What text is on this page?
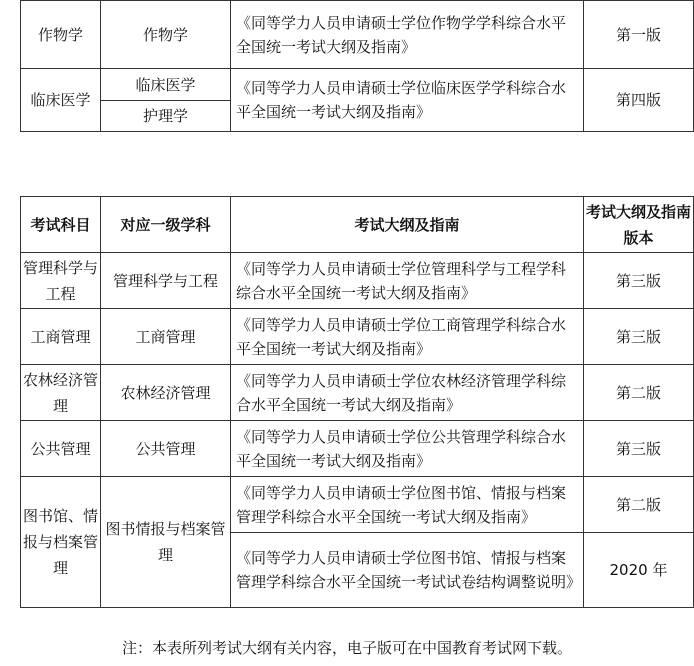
作物学	作物学	《同等学力人员申请硕士学位作物学学科综合水平全国统一考试大纲及指南》	第一版
临床医学	临床医学	《同等学力人员申请硕士学位临床医学学科综合水平全国统一考试大纲及指南》	第四版
	护理学		
考试科目	对应一级学科	考试大纲及指南	考试大纲及指南版本
管理科学与工程	管理科学与工程	《同等学力人员申请硕士学位管理科学与工程学科综合水平全国统一考试大纲及指南》	第三版
工商管理	工商管理	《同等学力人员申请硕士学位工商管理学科综合水平全国统一考试大纲及指南》	第三版
农林经济管理	农林经济管理	《同等学力人员申请硕士学位农林经济管理学科综合水平全国统一考试大纲及指南》	第二版
公共管理	公共管理	《同等学力人员申请硕士学位公共管理学科综合水平全国统一考试大纲及指南》	第三版
图书馆、情报与档案管理	图书情报与档案管理	《同等学力人员申请硕士学位图书馆、情报与档案管理学科综合水平全国统一考试大纲及指南》	第二版
		《同等学力人员申请硕士学位图书馆、情报与档案管理学科综合水平全国统一考试试卷结构调整说明》	2020 年
注：本表所列考试大纲有关内容，电子版可在中国教育考试网下载。
